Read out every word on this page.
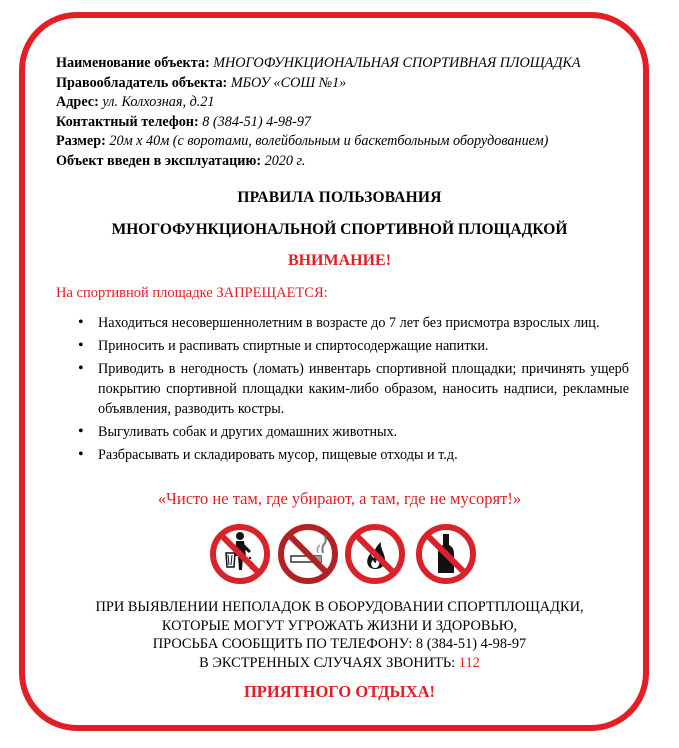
Наименование объекта: МНОГОФУНКЦИОНАЛЬНАЯ СПОРТИВНАЯ ПЛОЩАДКА
Правообладатель объекта: МБОУ «СОШ №1»
Адрес: ул. Колхозная, д.21
Контактный телефон: 8 (384-51) 4-98-97
Размер: 20м х 40м (с воротами, волейбольным и баскетбольным оборудованием)
Объект введен в эксплуатацию: 2020 г.
ПРАВИЛА ПОЛЬЗОВАНИЯ
МНОГОФУНКЦИОНАЛЬНОЙ СПОРТИВНОЙ ПЛОЩАДКОЙ
ВНИМАНИЕ!
На спортивной площадке ЗАПРЕЩАЕТСЯ:
• Находиться несовершеннолетним в возрасте до 7 лет без присмотра взрослых лиц.
• Приносить и распивать спиртные и спиртосодержащие напитки.
• Приводить в негодность (ломать) инвентарь спортивной площадки; причинять ущерб покрытию спортивной площадки каким-либо образом, наносить надписи, рекламные объявления, разводить костры.
• Выгуливать собак и других домашних животных.
• Разбрасывать и складировать мусор, пищевые отходы и т.д.
«Чисто не там, где убирают, а там, где не мусорят!»
ПРИ ВЫЯВЛЕНИИ НЕПОЛАДОК В ОБОРУДОВАНИИ СПОРТПЛОЩАДКИ,
КОТОРЫЕ МОГУТ УГРОЖАТЬ ЖИЗНИ И ЗДОРОВЬЮ,
ПРОСЬБА СООБЩИТЬ ПО ТЕЛЕФОНУ: 8 (384-51) 4-98-97
В ЭКСТРЕННЫХ СЛУЧАЯХ ЗВОНИТЬ: 112
ПРИЯТНОГО ОТДЫХА!
